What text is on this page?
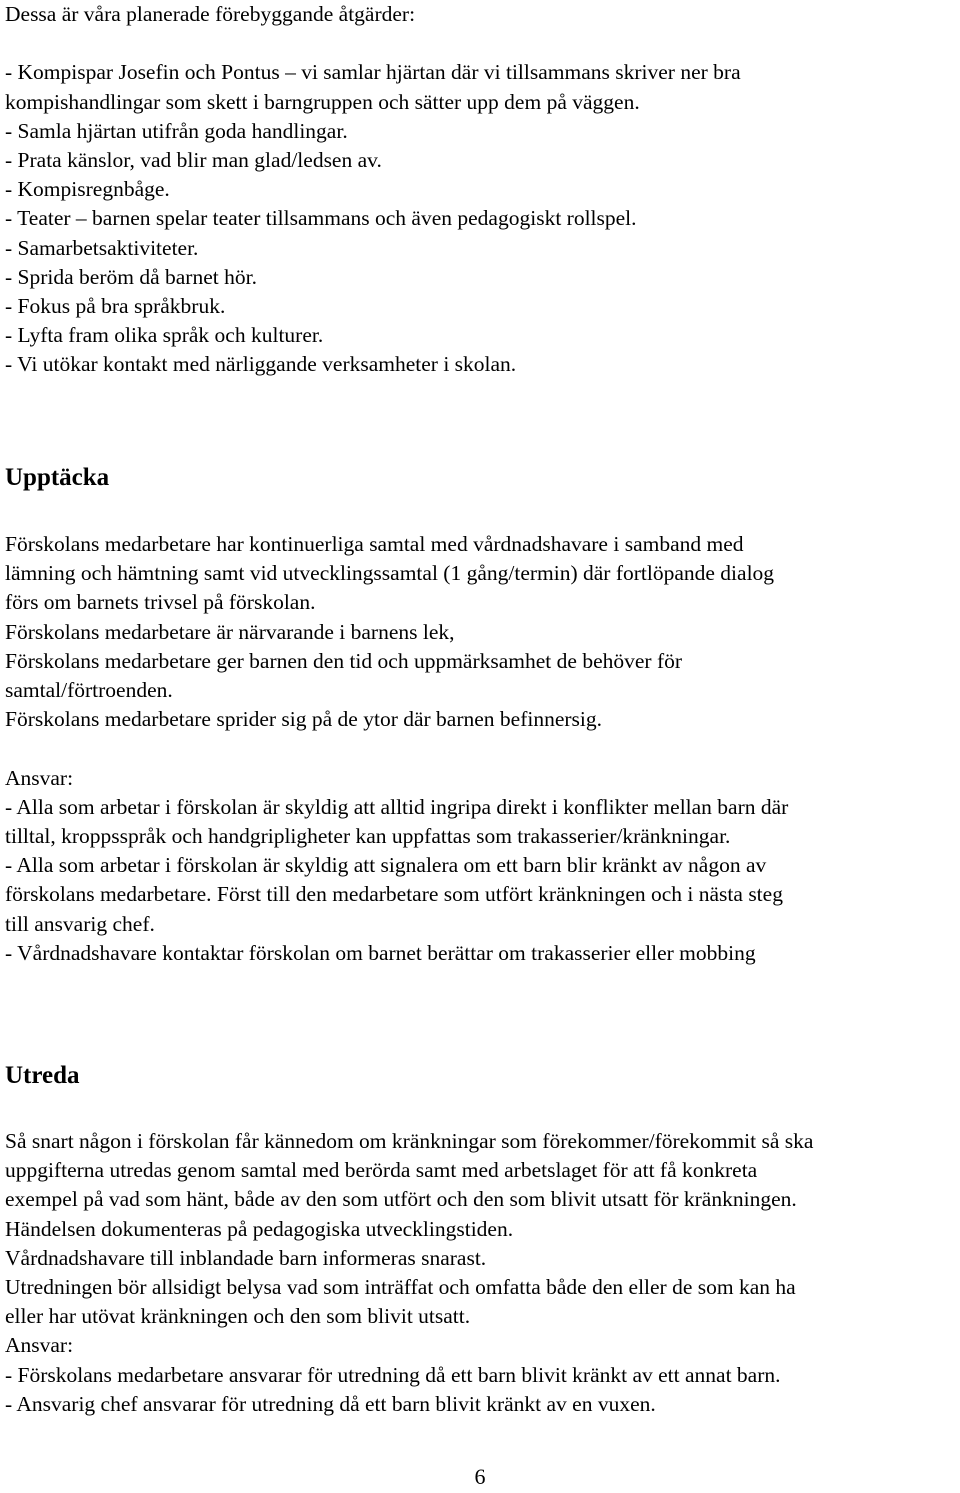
Dessa är våra planerade förebyggande åtgärder:

- Kompispar Josefin och Pontus – vi samlar hjärtan där vi tillsammans skriver ner bra
kompishandlingar som skett i barngruppen och sätter upp dem på väggen.
- Samla hjärtan utifrån goda handlingar.
- Prata känslor, vad blir man glad/ledsen av.
- Kompisregnbåge.
- Teater – barnen spelar teater tillsammans och även pedagogiskt rollspel.
- Samarbetsaktiviteter.
- Sprida beröm då barnet hör.
- Fokus på bra språkbruk.
- Lyfta fram olika språk och kulturer.
- Vi utökar kontakt med närliggande verksamheter i skolan.
Upptäcka
Förskolans medarbetare har kontinuerliga samtal med vårdnadshavare i samband med
lämning och hämtning samt vid utvecklingssamtal (1 gång/termin) där fortlöpande dialog
förs om barnets trivsel på förskolan.
Förskolans medarbetare är närvarande i barnens lek,
Förskolans medarbetare ger barnen den tid och uppmärksamhet de behöver för
samtal/förtroenden.
Förskolans medarbetare sprider sig på de ytor där barnen befinnersig.

Ansvar:
- Alla som arbetar i förskolan är skyldig att alltid ingripa direkt i konflikter mellan barn där
tilltal, kroppsspråk och handgripligheter kan uppfattas som trakasserier/kränkningar.
- Alla som arbetar i förskolan är skyldig att signalera om ett barn blir kränkt av någon av
förskolans medarbetare. Först till den medarbetare som utfört kränkningen och i nästa steg
till ansvarig chef.
- Vårdnadshavare kontaktar förskolan om barnet berättar om trakasserier eller mobbing
Utreda
Så snart någon i förskolan får kännedom om kränkningar som förekommer/förekommit så ska
uppgifterna utredas genom samtal med berörda samt med arbetslaget för att få konkreta
exempel på vad som hänt, både av den som utfört och den som blivit utsatt för kränkningen.
Händelsen dokumenteras på pedagogiska utvecklingstiden.
Vårdnadshavare till inblandade barn informeras snarast.
Utredningen bör allsidigt belysa vad som inträffat och omfatta både den eller de som kan ha
eller har utövat kränkningen och den som blivit utsatt.
Ansvar:
- Förskolans medarbetare ansvarar för utredning då ett barn blivit kränkt av ett annat barn.
- Ansvarig chef ansvarar för utredning då ett barn blivit kränkt av en vuxen.
6
